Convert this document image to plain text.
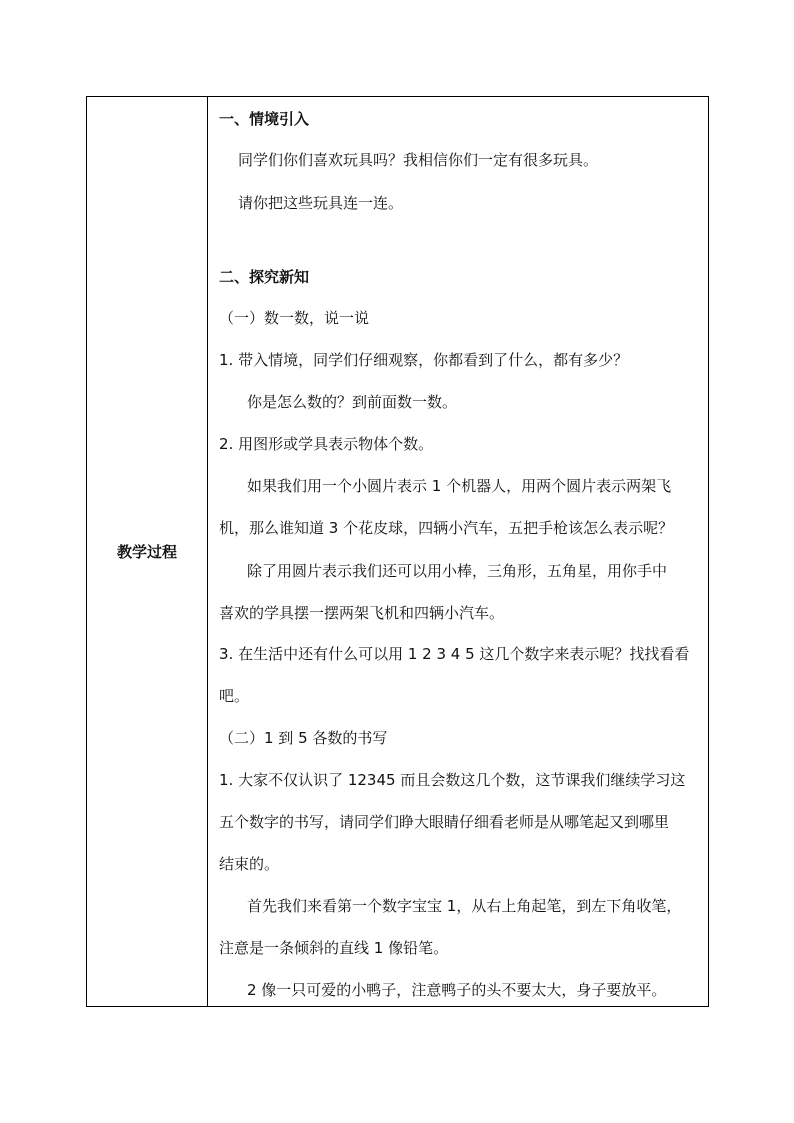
教学过程
一、情境引入
同学们你们喜欢玩具吗？我相信你们一定有很多玩具。
请你把这些玩具连一连。
二、探究新知
（一）数一数，说一说
1. 带入情境，同学们仔细观察，你都看到了什么，都有多少？
你是怎么数的？到前面数一数。
2. 用图形或学具表示物体个数。
如果我们用一个小圆片表示 1 个机器人，用两个圆片表示两架飞
机，那么谁知道 3 个花皮球，四辆小汽车，五把手枪该怎么表示呢？
除了用圆片表示我们还可以用小棒，三角形，五角星，用你手中
喜欢的学具摆一摆两架飞机和四辆小汽车。
3. 在生活中还有什么可以用 1 2 3 4 5 这几个数字来表示呢？找找看看
吧。
（二）1 到 5 各数的书写
1. 大家不仅认识了 12345 而且会数这几个数，这节课我们继续学习这
五个数字的书写，请同学们睁大眼睛仔细看老师是从哪笔起又到哪里
结束的。
首先我们来看第一个数字宝宝 1，从右上角起笔，到左下角收笔，
注意是一条倾斜的直线 1 像铅笔。
2 像一只可爱的小鸭子，注意鸭子的头不要太大，身子要放平。
